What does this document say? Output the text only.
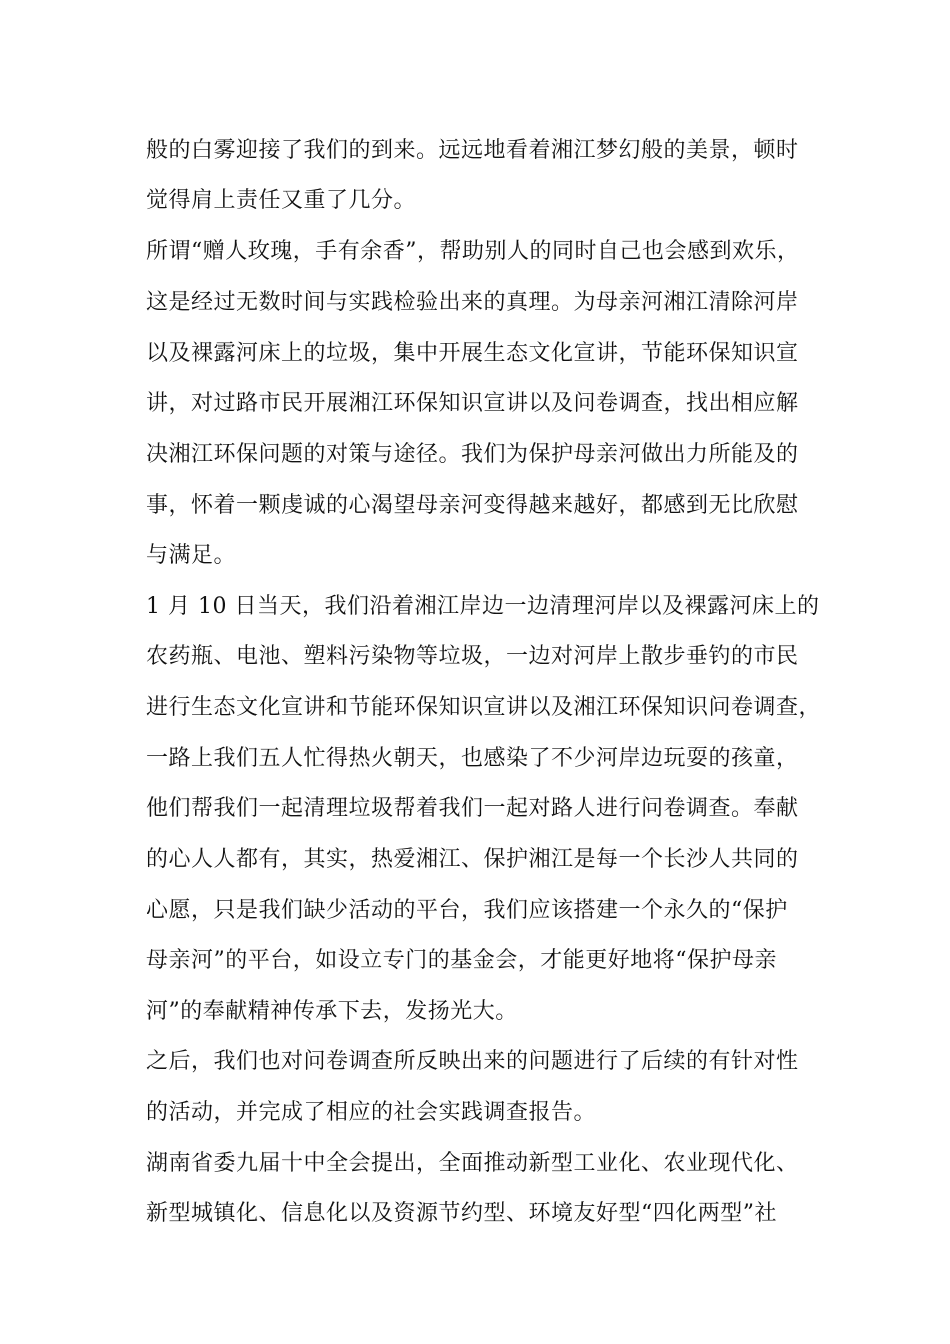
般的白雾迎接了我们的到来。远远地看着湘江梦幻般的美景，顿时
觉得肩上责任又重了几分。
所谓“赠人玫瑰，手有余香”，帮助别人的同时自己也会感到欢乐，
这是经过无数时间与实践检验出来的真理。为母亲河湘江清除河岸
以及裸露河床上的垃圾，集中开展生态文化宣讲，节能环保知识宣
讲，对过路市民开展湘江环保知识宣讲以及问卷调查，找出相应解
决湘江环保问题的对策与途径。我们为保护母亲河做出力所能及的
事，怀着一颗虔诚的心渴望母亲河变得越来越好，都感到无比欣慰
与满足。
1 月 10 日当天，我们沿着湘江岸边一边清理河岸以及裸露河床上的
农药瓶、电池、塑料污染物等垃圾，一边对河岸上散步垂钓的市民
进行生态文化宣讲和节能环保知识宣讲以及湘江环保知识问卷调查，
一路上我们五人忙得热火朝天，也感染了不少河岸边玩耍的孩童，
他们帮我们一起清理垃圾帮着我们一起对路人进行问卷调查。奉献
的心人人都有，其实，热爱湘江、保护湘江是每一个长沙人共同的
心愿，只是我们缺少活动的平台，我们应该搭建一个永久的“保护
母亲河”的平台，如设立专门的基金会，才能更好地将“保护母亲
河”的奉献精神传承下去，发扬光大。
之后，我们也对问卷调查所反映出来的问题进行了后续的有针对性
的活动，并完成了相应的社会实践调查报告。
湖南省委九届十中全会提出，全面推动新型工业化、农业现代化、
新型城镇化、信息化以及资源节约型、环境友好型“四化两型”社
